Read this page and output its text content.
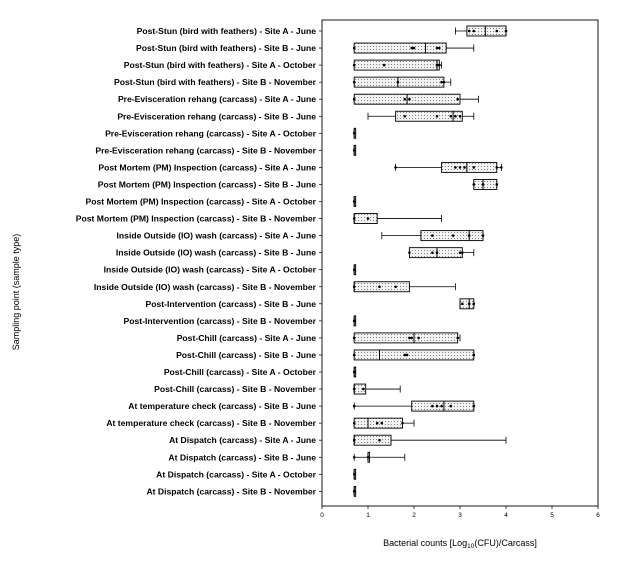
0	1	2	3	4	5	6
Post-Stun (bird with feathers) - Site A - June
Post-Stun (bird with feathers) - Site B - June
Post-Stun (bird with feathers) - Site A - October
Post-Stun (bird with feathers) - Site B - November
Pre-Evisceration rehang (carcass) - Site A - June
Pre-Evisceration rehang (carcass) - Site B - June
Pre-Evisceration rehang (carcass) - Site A - October
Pre-Evisceration rehang (carcass) - Site B - November
Post Mortem (PM) Inspection (carcass) - Site A - June
Post Mortem (PM) Inspection (carcass) - Site B - June
Post Mortem (PM) Inspection (carcass) - Site A - October
Post Mortem (PM) Inspection (carcass) - Site B - November
Inside Outside (IO) wash (carcass) - Site A - June
Inside Outside (IO) wash (carcass) - Site B - June
Inside Outside (IO) wash (carcass) - Site A - October
Inside Outside (IO) wash (carcass) - Site B - November
Post-Intervention (carcass) - Site B - June
Post-Intervention (carcass) - Site B - November
Post-Chill (carcass) - Site A - June
Post-Chill (carcass) - Site B - June
Post-Chill (carcass) - Site A - October
Post-Chill (carcass) - Site B - November
At temperature check (carcass) - Site B - June
At temperature check (carcass) - Site B - November
At Dispatch (carcass) - Site A - June
At Dispatch (carcass) - Site B - June
At Dispatch (carcass) - Site A - October
At Dispatch (carcass) - Site B - November
Sampling point (sample type)
Bacterial counts [Log$_{10}$(CFU)/Carcass]
